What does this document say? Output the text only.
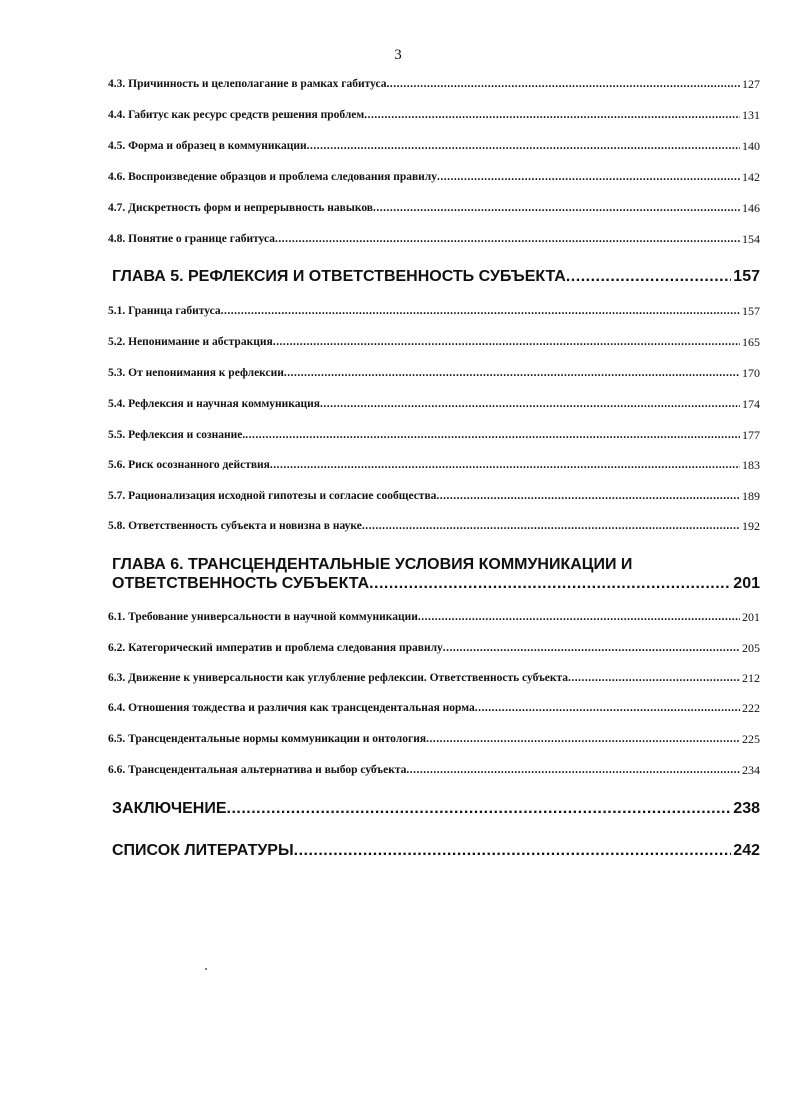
3
4.3. Причинность и целеполагание в рамках габитуса .....	127
4.4. Габитус как ресурс средств решения проблем .....	131
4.5. Форма и образец в коммуникации .....	140
4.6. Воспроизведение образцов и проблема следования правилу .....	142
4.7. Дискретность форм и непрерывность навыков .....	146
4.8. Понятие о границе габитуса .....	154
ГЛАВА 5. РЕФЛЕКСИЯ И ОТВЕТСТВЕННОСТЬ СУБЪЕКТА .....	157
5.1. Граница габитуса .....	157
5.2. Непонимание и абстракция .....	165
5.3. От непонимания к рефлексии .....	170
5.4. Рефлексия и научная коммуникация .....	174
5.5. Рефлексия и сознание. .....	177
5.6. Риск осознанного действия .....	183
5.7. Рационализация исходной гипотезы и согласие сообщества .....	189
5.8. Ответственность субъекта и новизна в науке .....	192
ГЛАВА 6. ТРАНСЦЕНДЕНТАЛЬНЫЕ УСЛОВИЯ КОММУНИКАЦИИ И
ОТВЕТСТВЕННОСТЬ СУБЪЕКТА .....	201
6.1. Требование универсальности в научной коммуникации .....	201
6.2. Категорический императив и проблема следования правилу .....	205
6.3. Движение к универсальности как углубление рефлексии. Ответственность субъекта .....	212
6.4. Отношения тождества и различия как трансцендентальная норма .....	222
6.5. Трансцендентальные нормы коммуникации и онтология .....	225
6.6. Трансцендентальная альтернатива и выбор субъекта .....	234
ЗАКЛЮЧЕНИЕ .....	238
СПИСОК ЛИТЕРАТУРЫ .....	242
